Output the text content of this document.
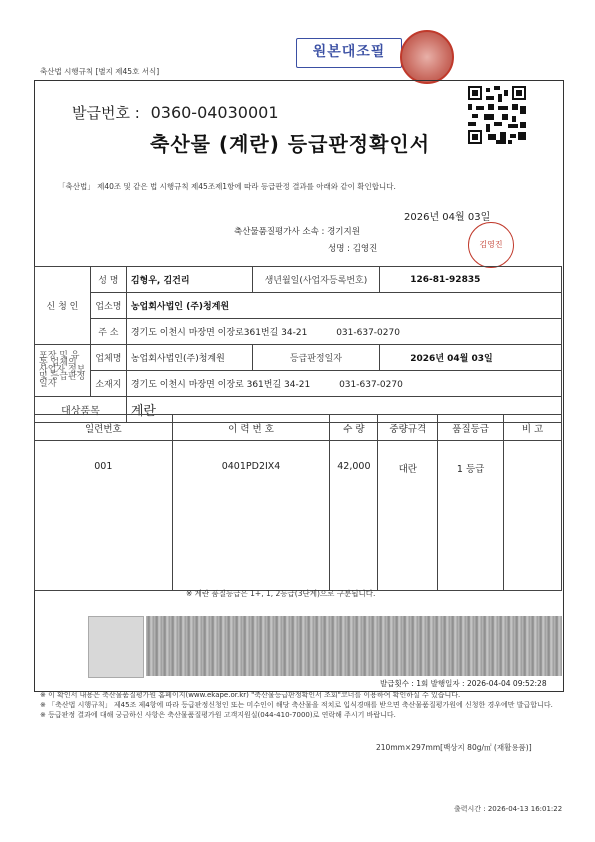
축산법 시행규칙 [별지 제45호 서식]
원본대조필
발급번호 : 0360-04030001
축산물 (계란) 등급판정확인서
「축산법」 제40조 및 같은 법 시행규칙 제45조제1항에 따라 등급판정 결과를 아래와 같이 확인합니다.
2026년 04월 03일
축산물품질평가사 소속 : 경기지원
성명 : 김영진	김영진
신 청 인	성 명	김형우, 김건리	생년월일(사업자등록번호)	126-81-92835
	업소명	농업회사법인 (주)청계원		
	주 소	경기도 이천시 마장면 이장로361번길 34-21 031-637-0270		
포장 및 유통 업체의 사업자 정보 및 등급판정일자	업체명	농업회사법인(주)청계원	등급판정일자	2026년 04월 03일
	소재지	경기도 이천시 마장면 이장로 361번길 34-21 031-637-0270		
대상품목		계란		
일련번호	이 력 번 호	수 량	중량규격	품질등급	비 고
001	0401PD2IX4	42,000	대란	1 등급	
※ 계란 품질등급은 1+, 1, 2등급(3단계)으로 구분됩니다.
발급횟수 : 1회 발행일자 : 2026-04-04 09:52:28
※ 이 확인서 내용은 축산물품질평가원 홈페이지(www.ekape.or.kr) "축산물등급판정확인서 조회"코너를 이용하여 확인하실 수 있습니다.
※ 「축산법 시행규칙」 제45조 제4항에 따라 등급판정신청인 또는 미수인이 해당 축산물을 적치로 입식경매를 받으면 축산물품질평가원에 신청한 경우에만 발급합니다.
※ 등급판정 결과에 대해 궁금하신 사항은 축산물품질평가원 고객지원실(044-410-7000)로 연락해 주시기 바랍니다.
210mm×297mm[백상지 80g/㎡ (재활용품)]
출력시간 : 2026-04-13 16:01:22
